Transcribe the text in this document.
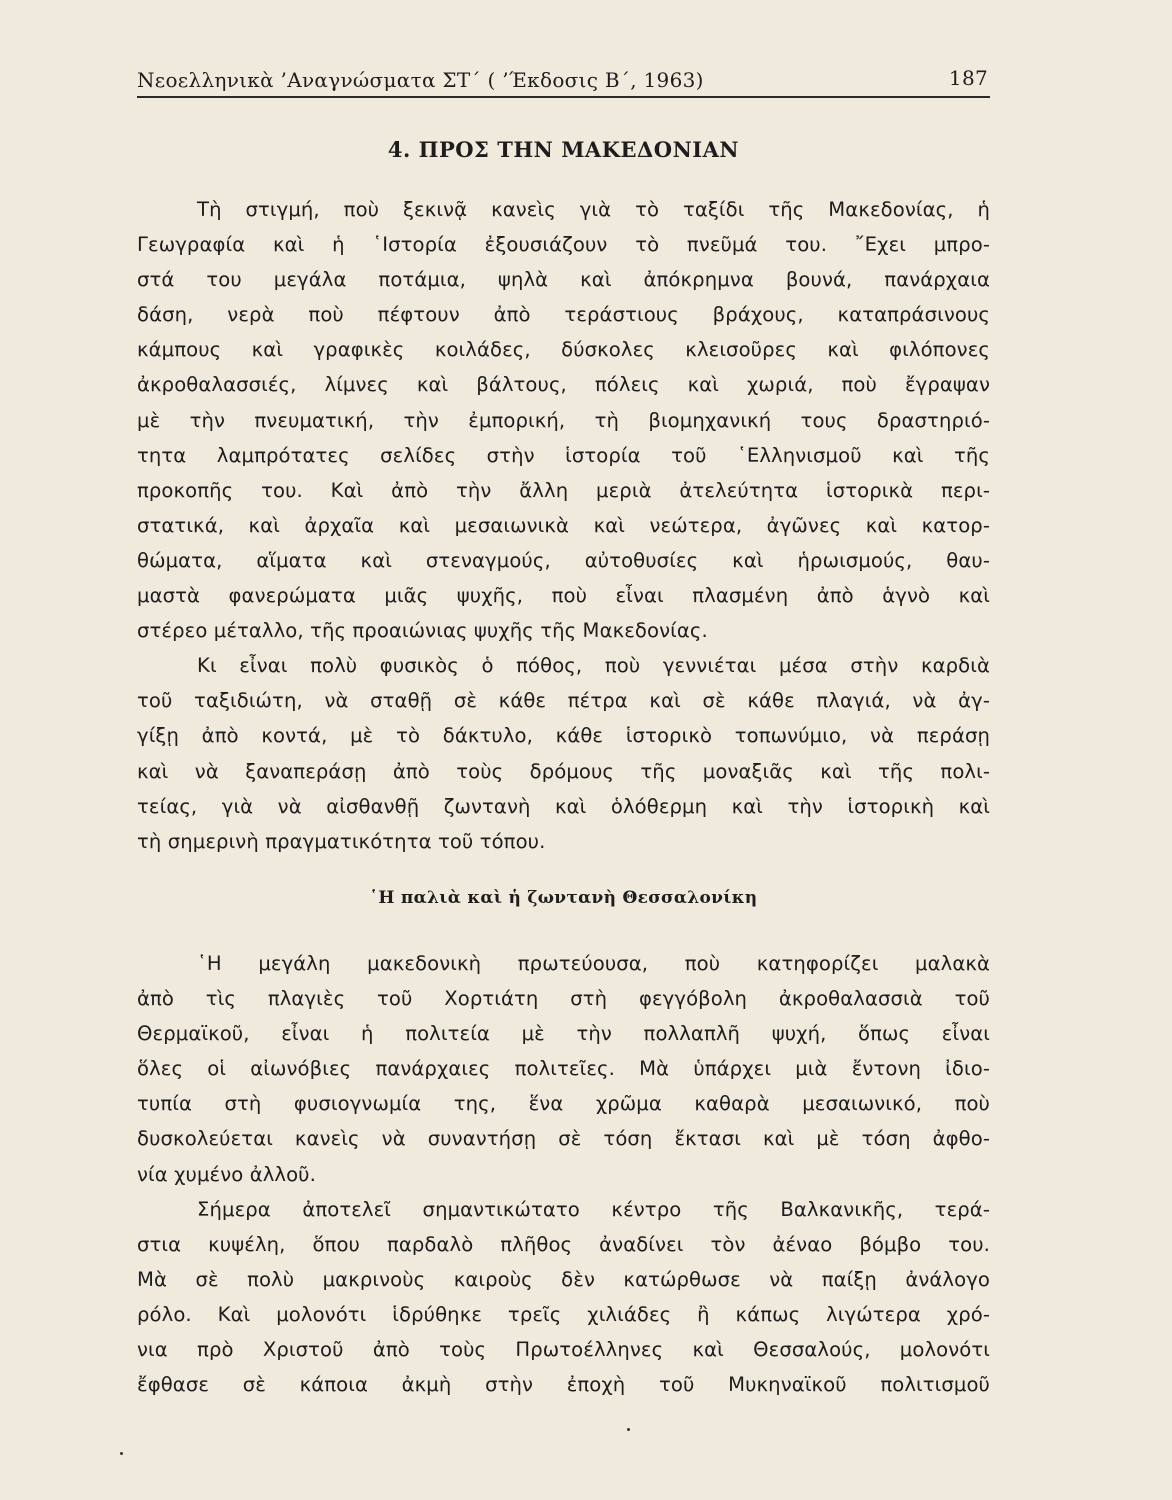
Νεοελληνικὰ ’Αναγνώσματα ΣΤ΄ ( ’Έκδοσις Β΄, 1963)	187
4. ΠΡΟΣ ΤΗΝ ΜΑΚΕΔΟΝΙΑΝ
Τὴ στιγμή, ποὺ ξεκινᾷ κανεὶς γιὰ τὸ ταξίδι τῆς Μακεδονίας, ἡ
Γεωγραφία καὶ ἡ ῾Ιστορία ἐξουσιάζουν τὸ πνεῦμά του. ῎Εχει μπρο-
στά του μεγάλα ποτάμια, ψηλὰ καὶ ἀπόκρημνα βουνά, πανάρχαια
δάση, νερὰ ποὺ πέφτουν ἀπὸ τεράστιους βράχους, καταπράσινους
κάμπους καὶ γραφικὲς κοιλάδες, δύσκολες κλεισοῦρες καὶ φιλόπονες
ἀκροθαλασσιές, λίμνες καὶ βάλτους, πόλεις καὶ χωριά, ποὺ ἔγραψαν
μὲ τὴν πνευματική, τὴν ἐμπορική, τὴ βιομηχανική τους δραστηριό-
τητα λαμπρότατες σελίδες στὴν ἱστορία τοῦ ῾Ελληνισμοῦ καὶ τῆς
προκοπῆς του. Καὶ ἀπὸ τὴν ἄλλη μεριὰ ἀτελεύτητα ἱστορικὰ περι-
στατικά, καὶ ἀρχαῖα καὶ μεσαιωνικὰ καὶ νεώτερα, ἀγῶνες καὶ κατορ-
θώματα, αἵματα καὶ στεναγμούς, αὐτοθυσίες καὶ ἡρωισμούς, θαυ-
μαστὰ φανερώματα μιᾶς ψυχῆς, ποὺ εἶναι πλασμένη ἀπὸ ἁγνὸ καὶ
στέρεο μέταλλο, τῆς προαιώνιας ψυχῆς τῆς Μακεδονίας.
Κι εἶναι πολὺ φυσικὸς ὁ πόθος, ποὺ γεννιέται μέσα στὴν καρδιὰ
τοῦ ταξιδιώτη, νὰ σταθῇ σὲ κάθε πέτρα καὶ σὲ κάθε πλαγιά, νὰ ἀγ-
γίξῃ ἀπὸ κοντά, μὲ τὸ δάκτυλο, κάθε ἱστορικὸ τοπωνύμιο, νὰ περάσῃ
καὶ νὰ ξαναπεράσῃ ἀπὸ τοὺς δρόμους τῆς μοναξιᾶς καὶ τῆς πολι-
τείας, γιὰ νὰ αἰσθανθῇ ζωντανὴ καὶ ὁλόθερμη καὶ τὴν ἱστορικὴ καὶ
τὴ σημερινὴ πραγματικότητα τοῦ τόπου.
῾Η παλιὰ καὶ ἡ ζωντανὴ Θεσσαλονίκη
῾Η μεγάλη μακεδονικὴ πρωτεύουσα, ποὺ κατηφορίζει μαλακὰ
ἀπὸ τὶς πλαγιὲς τοῦ Χορτιάτη στὴ φεγγόβολη ἀκροθαλασσιὰ τοῦ
Θερμαϊκοῦ, εἶναι ἡ πολιτεία μὲ τὴν πολλαπλῆ ψυχή, ὅπως εἶναι
ὅλες οἱ αἰωνόβιες πανάρχαιες πολιτεῖες. Μὰ ὑπάρχει μιὰ ἔντονη ἰδιο-
τυπία στὴ φυσιογνωμία της, ἕνα χρῶμα καθαρὰ μεσαιωνικό, ποὺ
δυσκολεύεται κανεὶς νὰ συναντήσῃ σὲ τόση ἔκτασι καὶ μὲ τόση ἀφθο-
νία χυμένο ἀλλοῦ.
Σήμερα ἀποτελεῖ σημαντικώτατο κέντρο τῆς Βαλκανικῆς, τερά-
στια κυψέλη, ὅπου παρδαλὸ πλῆθος ἀναδίνει τὸν ἀέναο βόμβο του.
Μὰ σὲ πολὺ μακρινοὺς καιροὺς δὲν κατώρθωσε νὰ παίξῃ ἀνάλογο
ρόλο. Καὶ μολονότι ἱδρύθηκε τρεῖς χιλιάδες ἢ κάπως λιγώτερα χρό-
νια πρὸ Χριστοῦ ἀπὸ τοὺς Πρωτοέλληνες καὶ Θεσσαλούς, μολονότι
ἔφθασε σὲ κάποια ἀκμὴ στὴν ἐποχὴ τοῦ Μυκηναϊκοῦ πολιτισμοῦ
